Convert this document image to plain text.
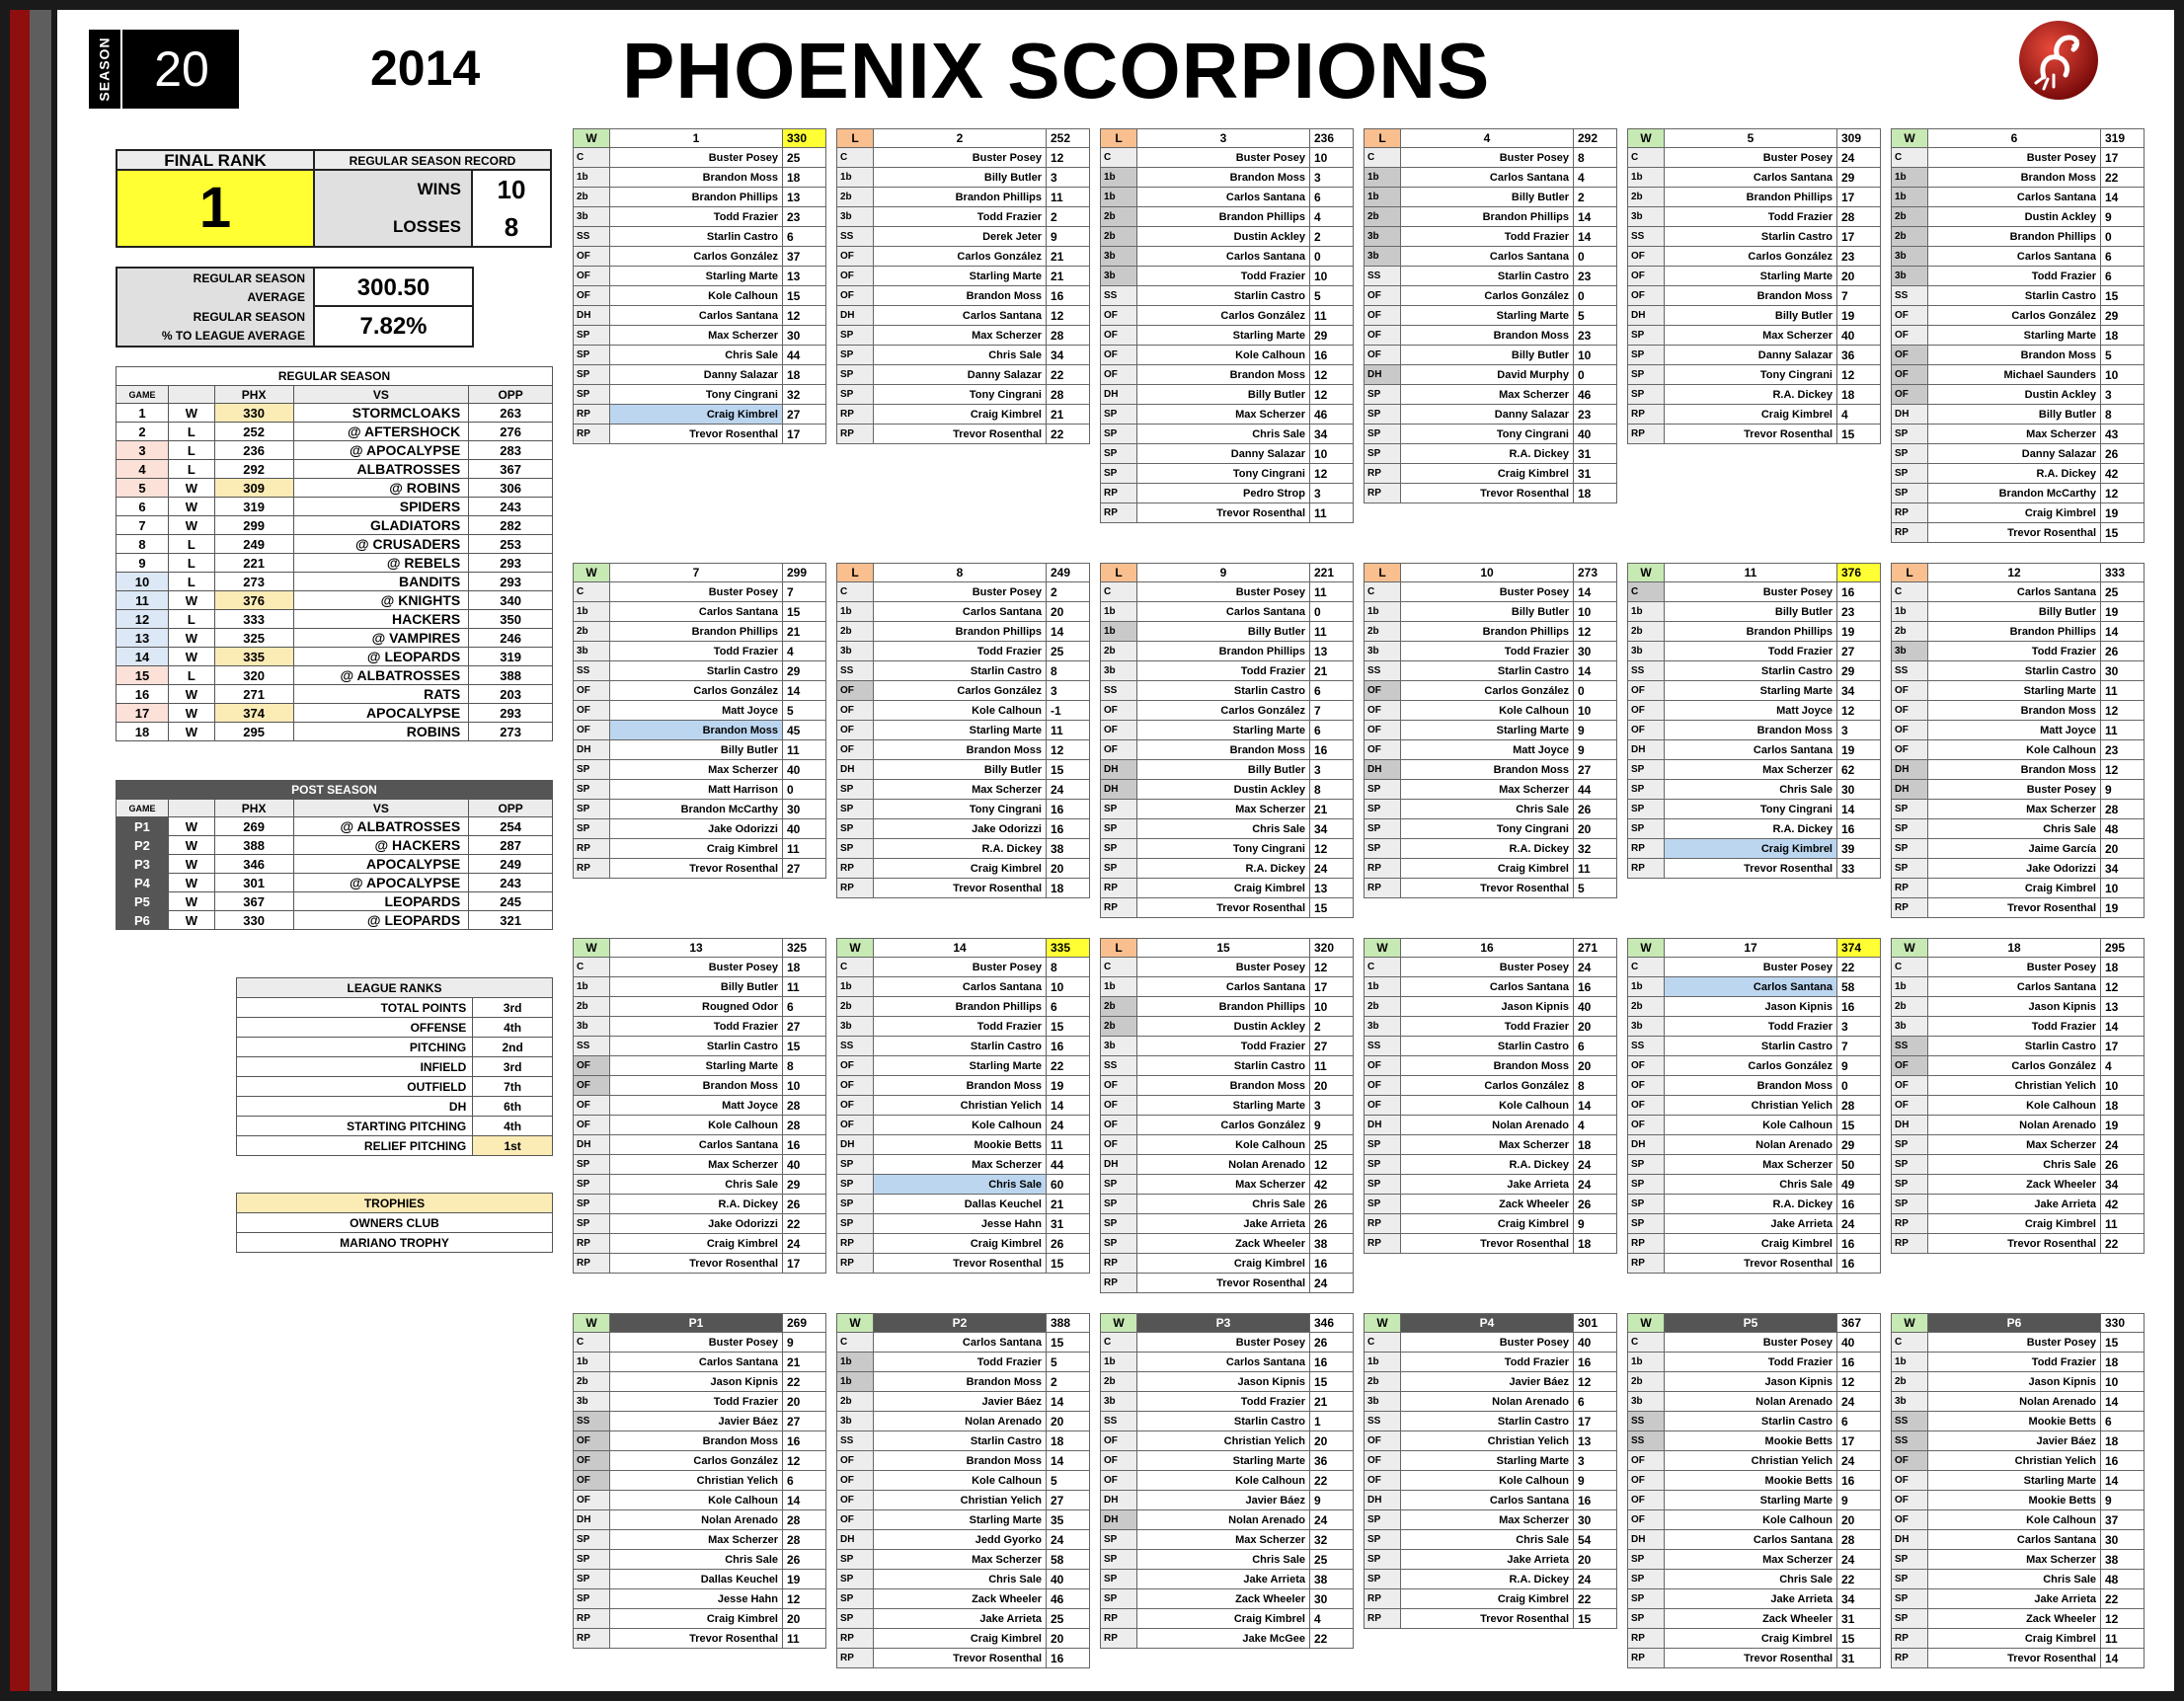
SEASON 20	2014 PHOENIX SCORPIONS
FINAL RANK
1
REGULAR SEASON RECORD
WINS	10
LOSSES	8
REGULAR SEASON
AVERAGE	300.50
REGULAR SEASON
% TO LEAGUE AVERAGE	7.82%
REGULAR SEASON				
GAME		PHX	VS	OPP
1	W	330	STORMCLOAKS	263
2	L	252	@ AFTERSHOCK	276
3	L	236	@ APOCALYPSE	283
4	L	292	ALBATROSSES	367
5	W	309	@ ROBINS	306
6	W	319	SPIDERS	243
7	W	299	GLADIATORS	282
8	L	249	@ CRUSADERS	253
9	L	221	@ REBELS	293
10	L	273	BANDITS	293
11	W	376	@ KNIGHTS	340
12	L	333	HACKERS	350
13	W	325	@ VAMPIRES	246
14	W	335	@ LEOPARDS	319
15	L	320	@ ALBATROSSES	388
16	W	271	RATS	203
17	W	374	APOCALYPSE	293
18	W	295	ROBINS	273
POST SEASON				
GAME		PHX	VS	OPP
P1	W	269	@ ALBATROSSES	254
P2	W	388	@ HACKERS	287
P3	W	346	APOCALYPSE	249
P4	W	301	@ APOCALYPSE	243
P5	W	367	LEOPARDS	245
P6	W	330	@ LEOPARDS	321
LEAGUE RANKS	
TOTAL POINTS	3rd
OFFENSE	4th
PITCHING	2nd
INFIELD	3rd
OUTFIELD	7th
DH	6th
STARTING PITCHING	4th
RELIEF PITCHING	1st
TROPHIES
OWNERS CLUB
MARIANO TROPHY
W	1	330
C	Buster Posey	25
1b	Brandon Moss	18
2b	Brandon Phillips	13
3b	Todd Frazier	23
SS	Starlin Castro	6
OF	Carlos González	37
OF	Starling Marte	13
OF	Kole Calhoun	15
DH	Carlos Santana	12
SP	Max Scherzer	30
SP	Chris Sale	44
SP	Danny Salazar	18
SP	Tony Cingrani	32
RP	Craig Kimbrel	27
RP	Trevor Rosenthal	17
L	2	252
C	Buster Posey	12
1b	Billy Butler	3
2b	Brandon Phillips	11
3b	Todd Frazier	2
SS	Derek Jeter	9
OF	Carlos González	21
OF	Starling Marte	21
OF	Brandon Moss	16
DH	Carlos Santana	12
SP	Max Scherzer	28
SP	Chris Sale	34
SP	Danny Salazar	22
SP	Tony Cingrani	28
RP	Craig Kimbrel	21
RP	Trevor Rosenthal	22
L	3	236
C	Buster Posey	10
1b	Brandon Moss	3
1b	Carlos Santana	6
2b	Brandon Phillips	4
2b	Dustin Ackley	2
3b	Carlos Santana	0
3b	Todd Frazier	10
SS	Starlin Castro	5
OF	Carlos González	11
OF	Starling Marte	29
OF	Kole Calhoun	16
OF	Brandon Moss	12
DH	Billy Butler	12
SP	Max Scherzer	46
SP	Chris Sale	34
SP	Danny Salazar	10
SP	Tony Cingrani	12
RP	Pedro Strop	3
RP	Trevor Rosenthal	11
L	4	292
C	Buster Posey	8
1b	Carlos Santana	4
1b	Billy Butler	2
2b	Brandon Phillips	14
3b	Todd Frazier	14
3b	Carlos Santana	0
SS	Starlin Castro	23
OF	Carlos González	0
OF	Starling Marte	5
OF	Brandon Moss	23
OF	Billy Butler	10
DH	David Murphy	0
SP	Max Scherzer	46
SP	Danny Salazar	23
SP	Tony Cingrani	40
SP	R.A. Dickey	31
RP	Craig Kimbrel	31
RP	Trevor Rosenthal	18
W	5	309
C	Buster Posey	24
1b	Carlos Santana	29
2b	Brandon Phillips	17
3b	Todd Frazier	28
SS	Starlin Castro	17
OF	Carlos González	23
OF	Starling Marte	20
OF	Brandon Moss	7
DH	Billy Butler	19
SP	Max Scherzer	40
SP	Danny Salazar	36
SP	Tony Cingrani	12
SP	R.A. Dickey	18
RP	Craig Kimbrel	4
RP	Trevor Rosenthal	15
W	6	319
C	Buster Posey	17
1b	Brandon Moss	22
1b	Carlos Santana	14
2b	Dustin Ackley	9
2b	Brandon Phillips	0
3b	Carlos Santana	6
3b	Todd Frazier	6
SS	Starlin Castro	15
OF	Carlos González	29
OF	Starling Marte	18
OF	Brandon Moss	5
OF	Michael Saunders	10
OF	Dustin Ackley	3
DH	Billy Butler	8
SP	Max Scherzer	43
SP	Danny Salazar	26
SP	R.A. Dickey	42
SP	Brandon McCarthy	12
RP	Craig Kimbrel	19
RP	Trevor Rosenthal	15
W	7	299
C	Buster Posey	7
1b	Carlos Santana	15
2b	Brandon Phillips	21
3b	Todd Frazier	4
SS	Starlin Castro	29
OF	Carlos González	14
OF	Matt Joyce	5
OF	Brandon Moss	45
DH	Billy Butler	11
SP	Max Scherzer	40
SP	Matt Harrison	0
SP	Brandon McCarthy	30
SP	Jake Odorizzi	40
RP	Craig Kimbrel	11
RP	Trevor Rosenthal	27
L	8	249
C	Buster Posey	2
1b	Carlos Santana	20
2b	Brandon Phillips	14
3b	Todd Frazier	25
SS	Starlin Castro	8
OF	Carlos González	3
OF	Kole Calhoun	-1
OF	Starling Marte	11
OF	Brandon Moss	12
DH	Billy Butler	15
SP	Max Scherzer	24
SP	Tony Cingrani	16
SP	Jake Odorizzi	16
SP	R.A. Dickey	38
RP	Craig Kimbrel	20
RP	Trevor Rosenthal	18
L	9	221
C	Buster Posey	11
1b	Carlos Santana	0
1b	Billy Butler	11
2b	Brandon Phillips	13
3b	Todd Frazier	21
SS	Starlin Castro	6
OF	Carlos González	7
OF	Starling Marte	6
OF	Brandon Moss	16
DH	Billy Butler	3
DH	Dustin Ackley	8
SP	Max Scherzer	21
SP	Chris Sale	34
SP	Tony Cingrani	12
SP	R.A. Dickey	24
RP	Craig Kimbrel	13
RP	Trevor Rosenthal	15
L	10	273
C	Buster Posey	14
1b	Billy Butler	10
2b	Brandon Phillips	12
3b	Todd Frazier	30
SS	Starlin Castro	14
OF	Carlos González	0
OF	Kole Calhoun	10
OF	Starling Marte	9
OF	Matt Joyce	9
DH	Brandon Moss	27
SP	Max Scherzer	44
SP	Chris Sale	26
SP	Tony Cingrani	20
SP	R.A. Dickey	32
RP	Craig Kimbrel	11
RP	Trevor Rosenthal	5
W	11	376
C	Buster Posey	16
1b	Billy Butler	23
2b	Brandon Phillips	19
3b	Todd Frazier	27
SS	Starlin Castro	29
OF	Starling Marte	34
OF	Matt Joyce	12
OF	Brandon Moss	3
DH	Carlos Santana	19
SP	Max Scherzer	62
SP	Chris Sale	30
SP	Tony Cingrani	14
SP	R.A. Dickey	16
RP	Craig Kimbrel	39
RP	Trevor Rosenthal	33
L	12	333
C	Carlos Santana	25
1b	Billy Butler	19
2b	Brandon Phillips	14
3b	Todd Frazier	26
SS	Starlin Castro	30
OF	Starling Marte	11
OF	Brandon Moss	12
OF	Matt Joyce	11
OF	Kole Calhoun	23
DH	Brandon Moss	12
DH	Buster Posey	9
SP	Max Scherzer	28
SP	Chris Sale	48
SP	Jaime García	20
SP	Jake Odorizzi	34
RP	Craig Kimbrel	10
RP	Trevor Rosenthal	19
W	13	325
C	Buster Posey	18
1b	Billy Butler	11
2b	Rougned Odor	6
3b	Todd Frazier	27
SS	Starlin Castro	15
OF	Starling Marte	8
OF	Brandon Moss	10
OF	Matt Joyce	28
OF	Kole Calhoun	28
DH	Carlos Santana	16
SP	Max Scherzer	40
SP	Chris Sale	29
SP	R.A. Dickey	26
SP	Jake Odorizzi	22
RP	Craig Kimbrel	24
RP	Trevor Rosenthal	17
W	14	335
C	Buster Posey	8
1b	Carlos Santana	10
2b	Brandon Phillips	6
3b	Todd Frazier	15
SS	Starlin Castro	16
OF	Starling Marte	22
OF	Brandon Moss	19
OF	Christian Yelich	14
OF	Kole Calhoun	24
DH	Mookie Betts	11
SP	Max Scherzer	44
SP	Chris Sale	60
SP	Dallas Keuchel	21
SP	Jesse Hahn	31
RP	Craig Kimbrel	26
RP	Trevor Rosenthal	15
L	15	320
C	Buster Posey	12
1b	Carlos Santana	17
2b	Brandon Phillips	10
2b	Dustin Ackley	2
3b	Todd Frazier	27
SS	Starlin Castro	11
OF	Brandon Moss	20
OF	Starling Marte	3
OF	Carlos González	9
OF	Kole Calhoun	25
DH	Nolan Arenado	12
SP	Max Scherzer	42
SP	Chris Sale	26
SP	Jake Arrieta	26
SP	Zack Wheeler	38
RP	Craig Kimbrel	16
RP	Trevor Rosenthal	24
W	16	271
C	Buster Posey	24
1b	Carlos Santana	16
2b	Jason Kipnis	40
3b	Todd Frazier	20
SS	Starlin Castro	6
OF	Brandon Moss	20
OF	Carlos González	8
OF	Kole Calhoun	14
DH	Nolan Arenado	4
SP	Max Scherzer	18
SP	R.A. Dickey	24
SP	Jake Arrieta	24
SP	Zack Wheeler	26
RP	Craig Kimbrel	9
RP	Trevor Rosenthal	18
W	17	374
C	Buster Posey	22
1b	Carlos Santana	58
2b	Jason Kipnis	16
3b	Todd Frazier	3
SS	Starlin Castro	7
OF	Carlos González	9
OF	Brandon Moss	0
OF	Christian Yelich	28
OF	Kole Calhoun	15
DH	Nolan Arenado	29
SP	Max Scherzer	50
SP	Chris Sale	49
SP	R.A. Dickey	16
SP	Jake Arrieta	24
RP	Craig Kimbrel	16
RP	Trevor Rosenthal	16
W	18	295
C	Buster Posey	18
1b	Carlos Santana	12
2b	Jason Kipnis	13
3b	Todd Frazier	14
SS	Starlin Castro	17
OF	Carlos González	4
OF	Christian Yelich	10
OF	Kole Calhoun	18
DH	Nolan Arenado	19
SP	Max Scherzer	24
SP	Chris Sale	26
SP	Zack Wheeler	34
SP	Jake Arrieta	42
RP	Craig Kimbrel	11
RP	Trevor Rosenthal	22
W	P1	269
C	Buster Posey	9
1b	Carlos Santana	21
2b	Jason Kipnis	22
3b	Todd Frazier	20
SS	Javier Báez	27
OF	Brandon Moss	16
OF	Carlos González	12
OF	Christian Yelich	6
OF	Kole Calhoun	14
DH	Nolan Arenado	28
SP	Max Scherzer	28
SP	Chris Sale	26
SP	Dallas Keuchel	19
SP	Jesse Hahn	12
RP	Craig Kimbrel	20
RP	Trevor Rosenthal	11
W	P2	388
C	Carlos Santana	15
1b	Todd Frazier	5
1b	Brandon Moss	2
2b	Javier Báez	14
3b	Nolan Arenado	20
SS	Starlin Castro	18
OF	Brandon Moss	14
OF	Kole Calhoun	5
OF	Christian Yelich	27
OF	Starling Marte	35
DH	Jedd Gyorko	24
SP	Max Scherzer	58
SP	Chris Sale	40
SP	Zack Wheeler	46
SP	Jake Arrieta	25
RP	Craig Kimbrel	20
RP	Trevor Rosenthal	16
W	P3	346
C	Buster Posey	26
1b	Carlos Santana	16
2b	Jason Kipnis	15
3b	Todd Frazier	21
SS	Starlin Castro	1
OF	Christian Yelich	20
OF	Starling Marte	36
OF	Kole Calhoun	22
DH	Javier Báez	9
DH	Nolan Arenado	24
SP	Max Scherzer	32
SP	Chris Sale	25
SP	Jake Arrieta	38
SP	Zack Wheeler	30
RP	Craig Kimbrel	4
RP	Jake McGee	22
W	P4	301
C	Buster Posey	40
1b	Todd Frazier	16
2b	Javier Báez	12
3b	Nolan Arenado	6
SS	Starlin Castro	17
OF	Christian Yelich	13
OF	Starling Marte	3
OF	Kole Calhoun	9
DH	Carlos Santana	16
SP	Max Scherzer	30
SP	Chris Sale	54
SP	Jake Arrieta	20
SP	R.A. Dickey	24
RP	Craig Kimbrel	22
RP	Trevor Rosenthal	15
W	P5	367
C	Buster Posey	40
1b	Todd Frazier	16
2b	Jason Kipnis	12
3b	Nolan Arenado	24
SS	Starlin Castro	6
SS	Mookie Betts	17
OF	Christian Yelich	24
OF	Mookie Betts	16
OF	Starling Marte	9
OF	Kole Calhoun	20
DH	Carlos Santana	28
SP	Max Scherzer	24
SP	Chris Sale	22
SP	Jake Arrieta	34
SP	Zack Wheeler	31
RP	Craig Kimbrel	15
RP	Trevor Rosenthal	31
W	P6	330
C	Buster Posey	15
1b	Todd Frazier	18
2b	Jason Kipnis	10
3b	Nolan Arenado	14
SS	Mookie Betts	6
SS	Javier Báez	18
OF	Christian Yelich	16
OF	Starling Marte	14
OF	Mookie Betts	9
OF	Kole Calhoun	37
DH	Carlos Santana	30
SP	Max Scherzer	38
SP	Chris Sale	48
SP	Jake Arrieta	22
SP	Zack Wheeler	12
RP	Craig Kimbrel	11
RP	Trevor Rosenthal	14
